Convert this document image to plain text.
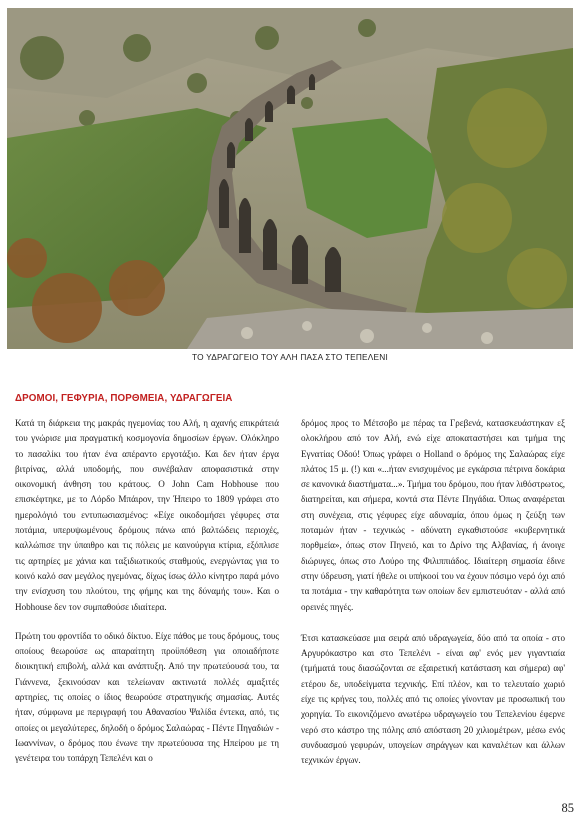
ΤΟ ΥΔΡΑΓΩΓΕΙΟ ΤΟΥ ΑΛΗ ΠΑΣΑ ΣΤΟ ΤΕΠΕΛΕΝΙ
ΔΡΟΜΟΙ, ΓΕΦΥΡΙΑ, ΠΟΡΘΜΕΙΑ, ΥΔΡΑΓΩΓΕΙΑ

Κατά τη διάρκεια της μακράς ηγεμονίας του Αλή, η αχανής επικράτειά του γνώρισε μια πραγματική κοσμογονία δημοσίων έργων. Ολόκληρο το πασαλίκι του ήταν ένα απέραντο εργοτάξιο. Και δεν ήταν έργα βιτρίνας, αλλά υποδομής, που συνέβαλαν αποφασιστικά στην οικονομική άνθηση του κράτους. Ο John Cam Hobhouse που επισκέφτηκε, με το Λόρδο Μπάιρον, την Ήπειρο το 1809 γράφει στο ημερολόγιό του εντυπωσιασμένος: «Είχε οικοδομήσει γέφυρες στα ποτάμια, υπερυψωμένους δρόμους πάνω από βαλτώδεις περιοχές, καλλώπισε την ύπαιθρο και τις πόλεις με καινούργια κτίρια, εξόπλισε τις αρτηρίες με χάνια και ταξιδιωτικούς σταθμούς, ενεργώντας για το κοινό καλό σαν μεγάλος ηγεμόνας, δίχως ίσως άλλο κίνητρο παρά μόνο την ενίσχυση του πλούτου, της φήμης και της δύναμής του». Και ο Hobhouse δεν τον συμπαθούσε ιδιαίτερα.

Πρώτη του φροντίδα το οδικό δίκτυο. Είχε πάθος με τους δρόμους, τους οποίους θεωρούσε ως απαραίτητη προϋπόθεση για οποιαδήποτε διοικητική επιβολή, αλλά και ανάπτυξη. Από την πρωτεύουσά του, τα Γιάννενα, ξεκινούσαν και τελείωναν ακτινωτά πολλές αμαξιτές αρτηρίες, τις οποίες ο ίδιος θεωρούσε στρατηγικής σημασίας. Αυτές ήταν, σύμφωνα με περιγραφή του Αθανασίου Ψαλίδα έντεκα, από, τις οποίες οι μεγαλύτερες, δηλοδή ο δρόμος Σαλαώρας - Πέντε Πηγαδιών - Ιωαννίνων, ο δρόμος που ένωνε την πρωτεύουσα της Ηπείρου με τη γενέτειρα του τοπάρχη Τεπελένι και ο

δρόμος προς το Μέτσοβο με πέρας τα Γρεβενά, κατασκευάστηκαν εξ ολοκλήρου από τον Αλή, ενώ είχε αποκαταστήσει και τμήμα της Εγνατίας Οδού! Όπως γράφει ο Holland ο δρόμος της Σαλαώρας είχε πλάτος 15 μ. (!) και «...ήταν ενισχυμένος με εγκάρσια πέτρινα δοκάρια σε κανονικά διαστήματα...». Τμήμα του δρόμου, που ήταν λιθόστρωτος, διατηρείται, και σήμερα, κοντά στα Πέντε Πηγάδια. Όπως αναφέρεται στη συνέχεια, στις γέφυρες είχε αδυναμία, όπου όμως η ζεύξη των ποταμών ήταν - τεχνικώς - αδύνατη εγκαθιστούσε «κυβερνητικά πορθμεία», όπως στον Πηνειό, και το Δρίνο της Αλβανίας, ή άνοιγε διώρυγες, όπως στο Λούρο της Φιλιππιάδος. Ιδιαίτερη σημασία έδινε στην ύδρευση, γιατί ήθελε οι υπήκοοί του να έχουν πόσιμο νερό όχι από τα ποτάμια - την καθαρότητα των οποίων δεν εμπιστευόταν - αλλά από ορεινές πηγές.

Έτσι κατασκεύασε μια σειρά από υδραγωγεία, δύο από τα οποία - στο Αργυρόκαστρο και στο Τεπελένι - είναι αφ' ενός μεν γιγαντιαία (τμήματά τους διασώζονται σε εξαιρετική κατάσταση και σήμερα) αφ' ετέρου δε, υποδείγματα τεχνικής. Επί πλέον, και το τελευταίο χωριό είχε τις κρήνες του, πολλές από τις οποίες γίνονταν με προσωπική του χορηγία. Το εικονιζόμενο ανωτέρω υδραγωγείο του Τεπελενίου έφερνε νερό στο κάστρο της πόλης από απόσταση 20 χιλιομέτρων, μέσω ενός συνδυασμού γεφυρών, υπογείων σηράγγων και καναλέτων και άλλων τεχνικών έργων.

85
